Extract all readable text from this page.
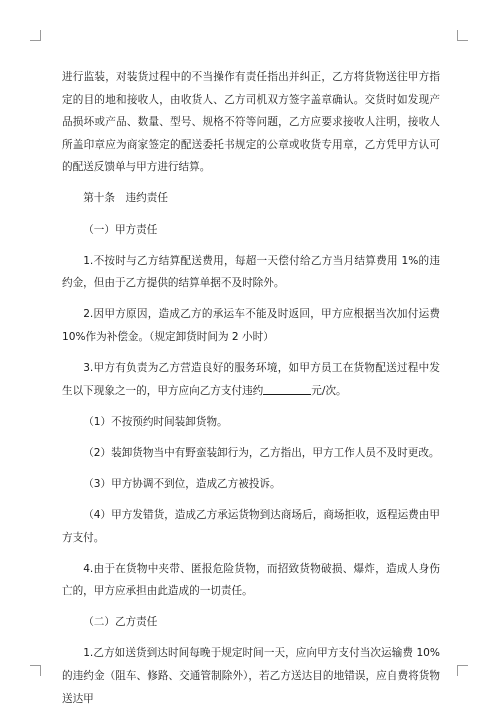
进行监装，对装货过程中的不当操作有责任指出并纠正，乙方将货物送往甲方指定的目的地和接收人，由收货人、乙方司机双方签字盖章确认。交货时如发现产品损坏或产品、数量、型号、规格不符等问题，乙方应要求接收人注明，接收人所盖印章应为商家签定的配送委托书规定的公章或收货专用章，乙方凭甲方认可的配送反馈单与甲方进行结算。

第十条　违约责任

（一）甲方责任

1.不按时与乙方结算配送费用，每超一天偿付给乙方当月结算费用 1%的违约金，但由于乙方提供的结算单据不及时除外。

2.因甲方原因，造成乙方的承运车不能及时返回，甲方应根据当次加付运费 10%作为补偿金。（规定卸货时间为 2 小时）

3.甲方有负责为乙方营造良好的服务环境，如甲方员工在货物配送过程中发生以下现象之一的，甲方应向乙方支付违约	元/次。

（1）不按预约时间装卸货物。

（2）装卸货物当中有野蛮装卸行为，乙方指出，甲方工作人员不及时更改。

（3）甲方协调不到位，造成乙方被投诉。

（4）甲方发错货，造成乙方承运货物到达商场后，商场拒收，返程运费由甲方支付。

4.由于在货物中夹带、匿报危险货物，而招致货物破损、爆炸，造成人身伤亡的，甲方应承担由此造成的一切责任。

（二）乙方责任

1.乙方如送货到达时间每晚于规定时间一天，应向甲方支付当次运输费 10%的违约金（阻车、修路、交通管制除外），若乙方送达目的地错误，应自费将货物送达甲
